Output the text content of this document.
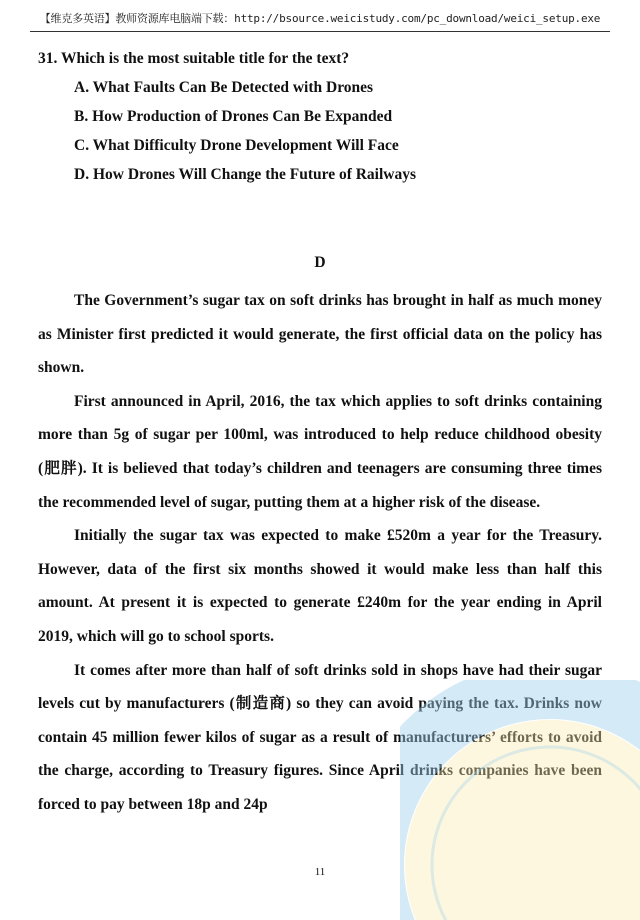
【维克多英语】教师资源库电脑端下载：http://bsource.weicistudy.com/pc_download/weici_setup.exe
31. Which is the most suitable title for the text?
A. What Faults Can Be Detected with Drones
B. How Production of Drones Can Be Expanded
C. What Difficulty Drone Development Will Face
D. How Drones Will Change the Future of Railways
D

The Government’s sugar tax on soft drinks has brought in half as much money as Minister first predicted it would generate, the first official data on the policy has shown.

First announced in April, 2016, the tax which applies to soft drinks containing more than 5g of sugar per 100ml, was introduced to help reduce childhood obesity (肥胖). It is believed that today’s children and teenagers are consuming three times the recommended level of sugar, putting them at a higher risk of the disease.

Initially the sugar tax was expected to make £520m a year for the Treasury. However, data of the first six months showed it would make less than half this amount. At present it is expected to generate £240m for the year ending in April 2019, which will go to school sports.

It comes after more than half of soft drinks sold in shops have had their sugar levels cut by manufacturers (制造商) so they can avoid paying the tax. Drinks now contain 45 million fewer kilos of sugar as a result of manufacturers’ efforts to avoid the charge, according to Treasury figures. Since April drinks companies have been forced to pay between 18p and 24p

11
